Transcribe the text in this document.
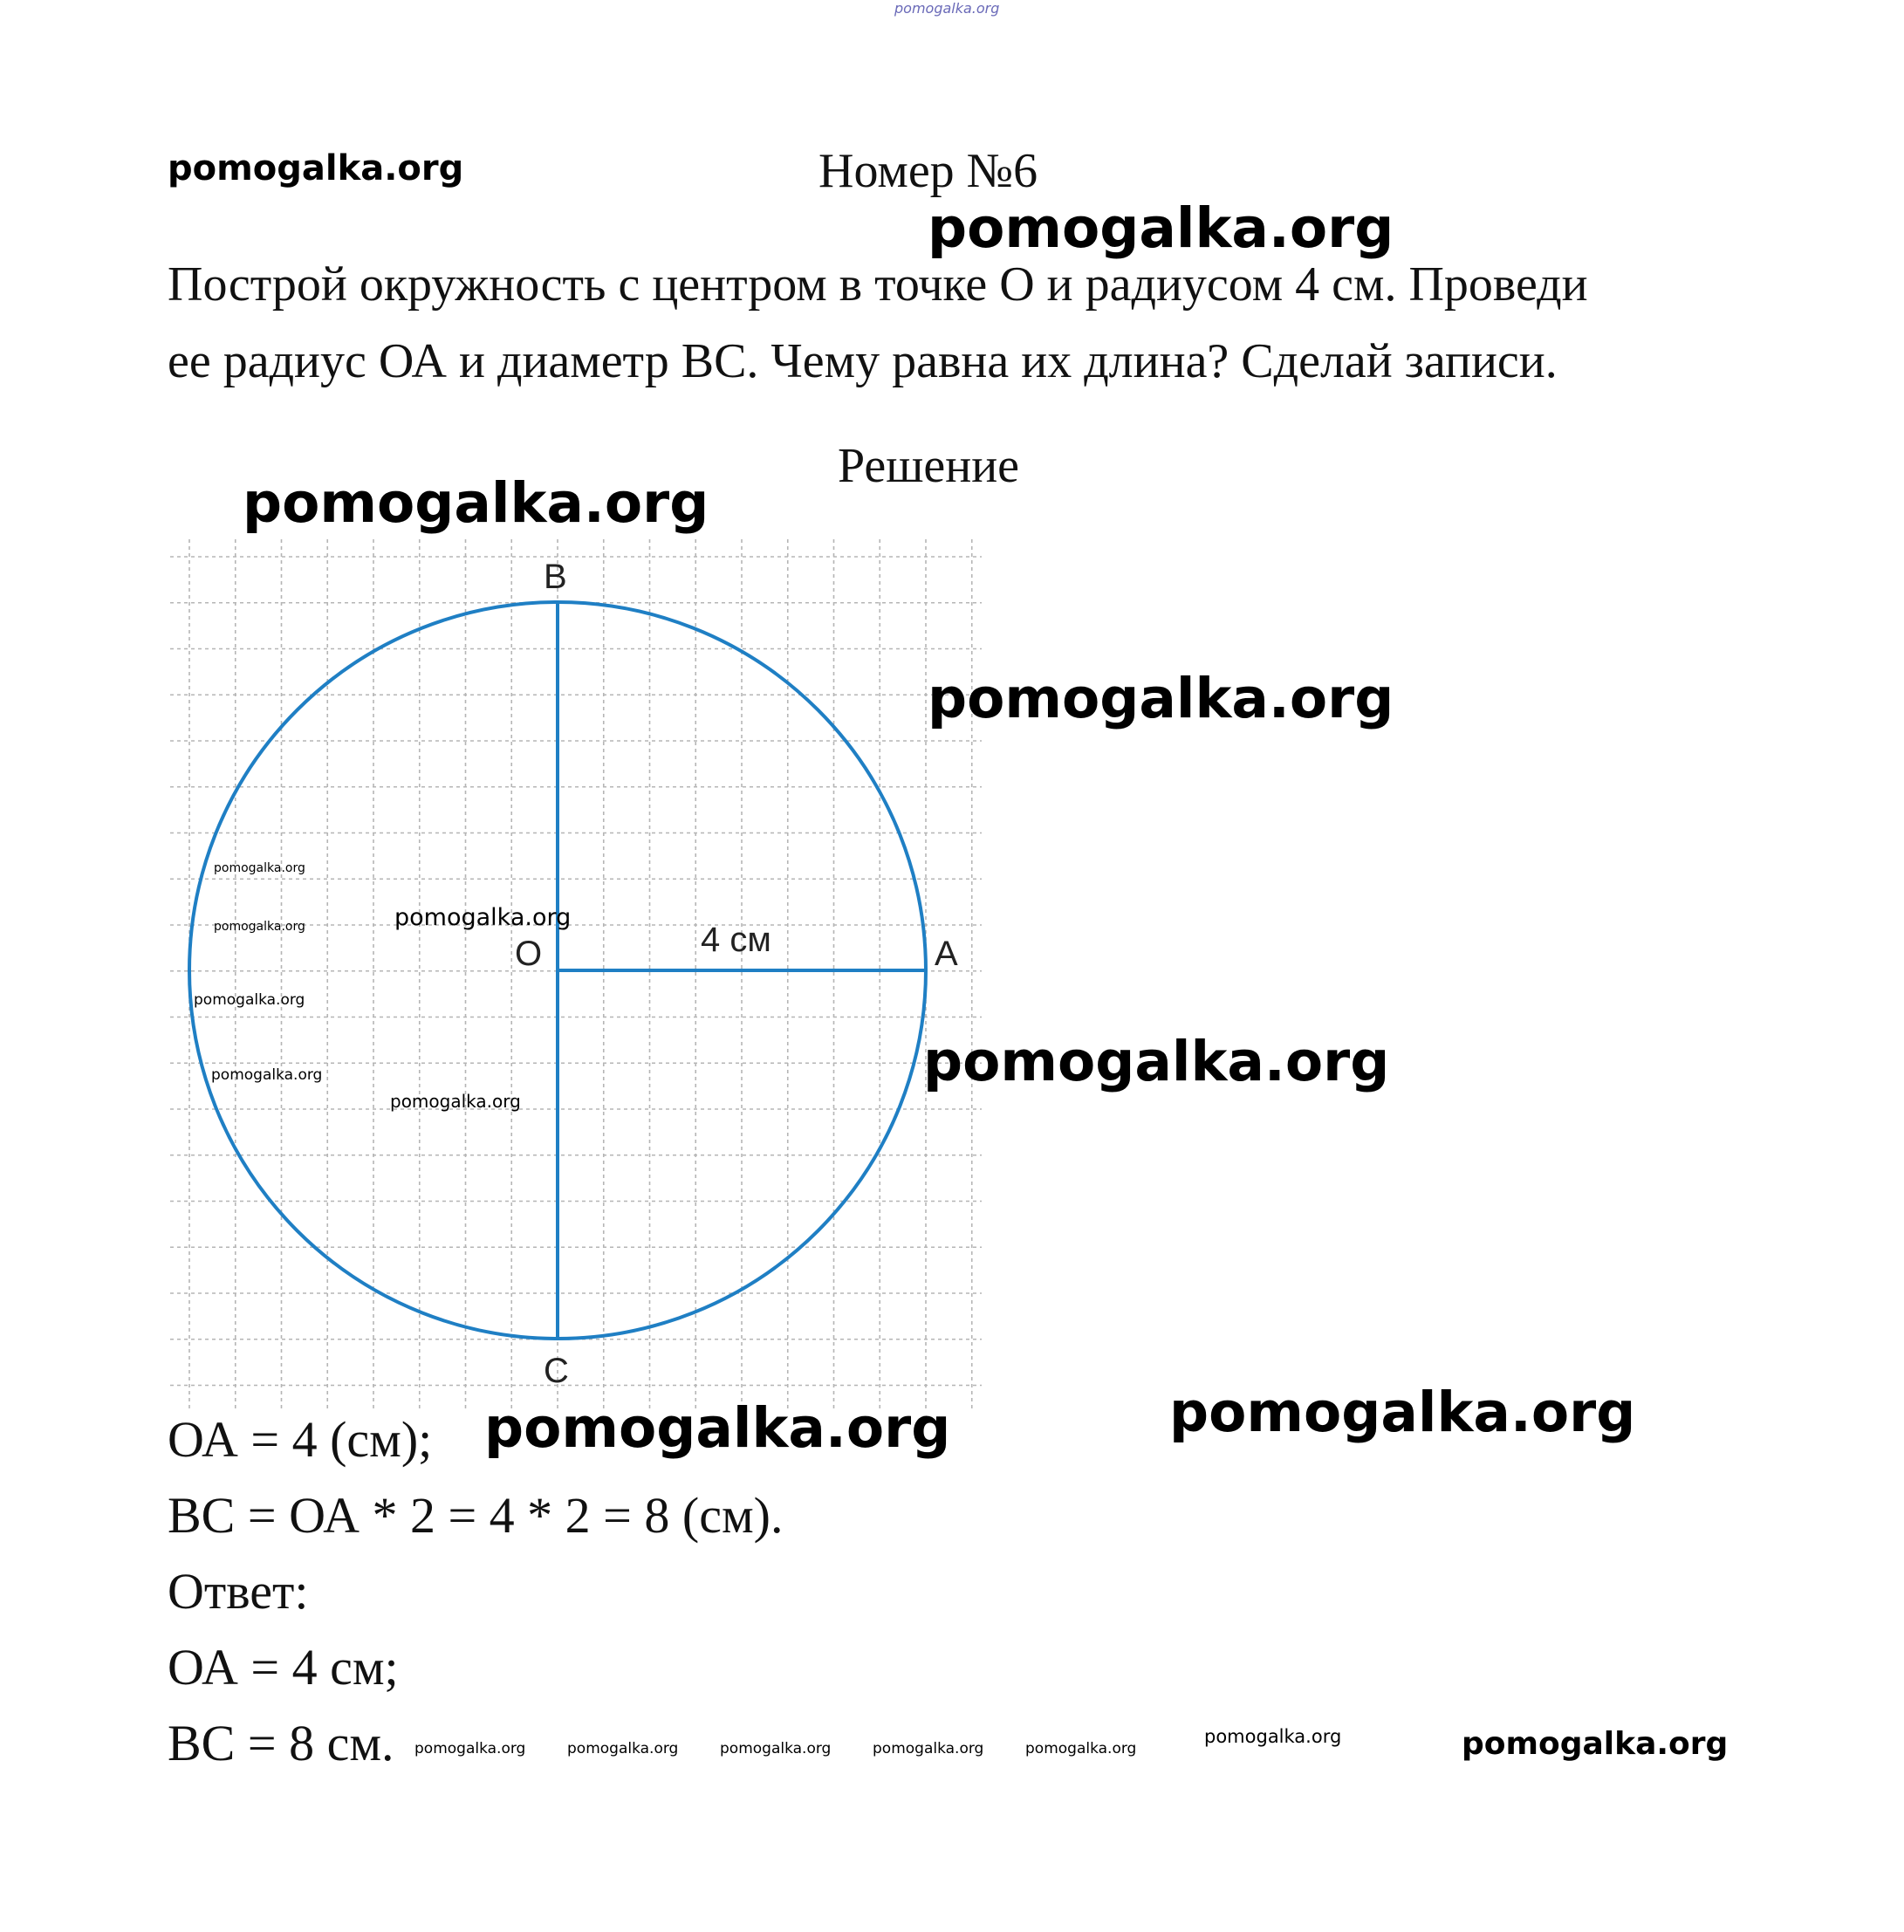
pomogalka.org
pomogalka.org	Номер №6
pomogalka.org
Построй окружность с центром в точке О и радиусом 4 см. Проведи
ее радиус ОА и диаметр ВС. Чему равна их длина? Сделай записи.
Решение
pomogalka.org
B
C
O	A
4 см
pomogalka.org
pomogalka.org
pomogalka.org
pomogalka.org
pomogalka.org
pomogalka.org
pomogalka.org
pomogalka.org
ОА = 4 (см); pomogalka.org	pomogalka.org
ВС = ОА * 2 = 4 * 2 = 8 (см).
Ответ:
ОА = 4 см;
ВС = 8 см. pomogalka.org	pomogalka.org	pomogalka.org	pomogalka.org	pomogalka.org
pomogalka.org	pomogalka.org
